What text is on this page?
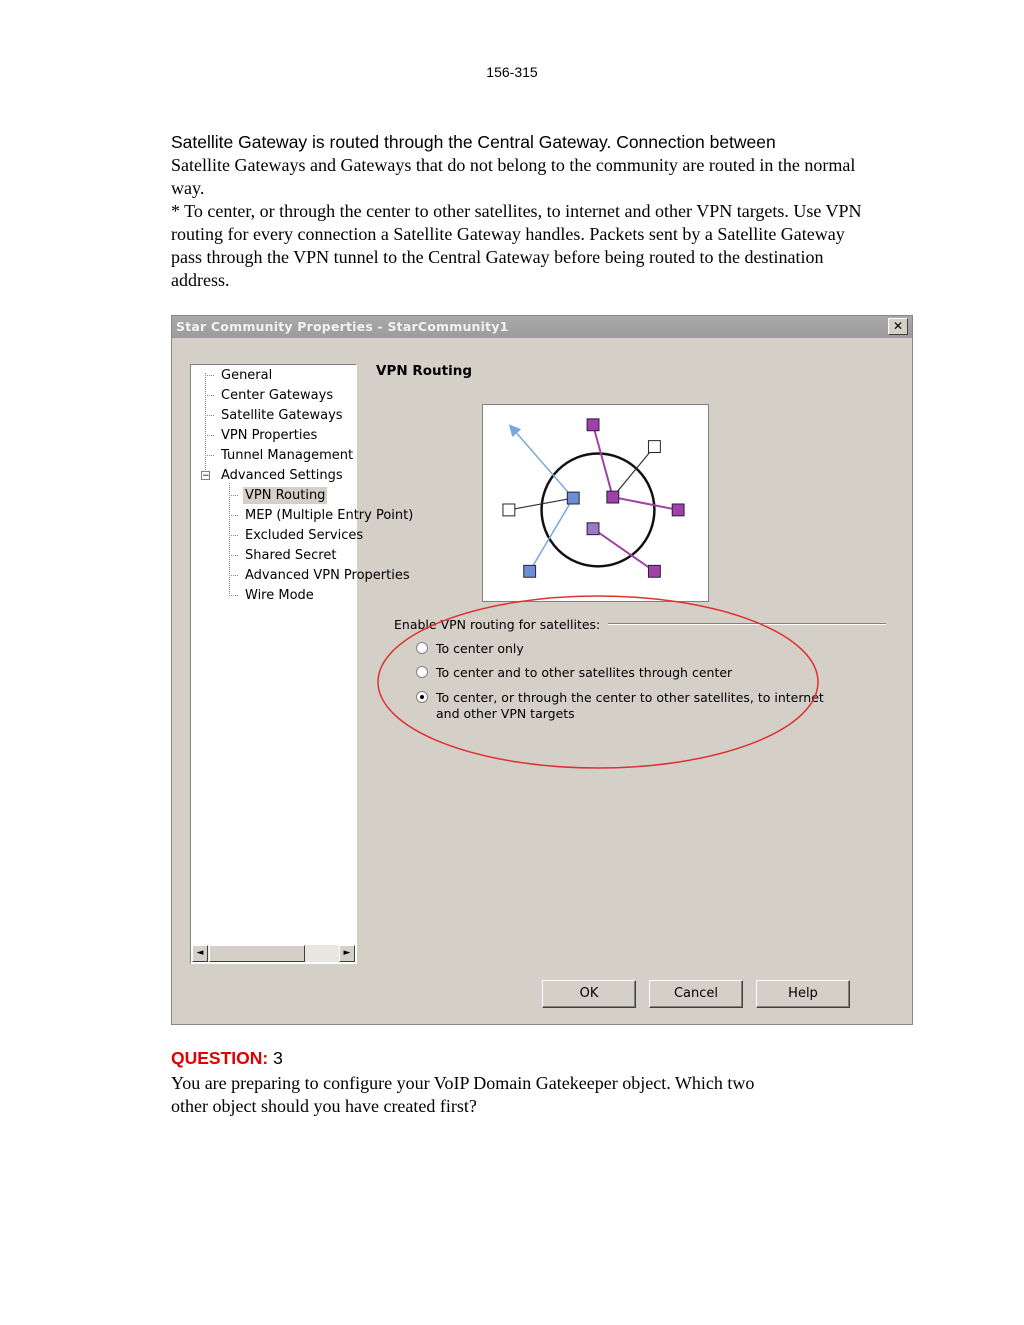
156-315
Satellite Gateway is routed through the Central Gateway. Connection between
Satellite Gateways and Gateways that do not belong to the community are routed in the normal way.
* To center, or through the center to other satellites, to internet and other VPN targets. Use VPN routing for every connection a Satellite Gateway handles. Packets sent by a Satellite Gateway pass through the VPN tunnel to the Central Gateway before being routed to the destination address.
Star Community Properties - StarCommunity1	✕
General
Center Gateways
Satellite Gateways
VPN Properties
Tunnel Management
− Advanced Settings
VPN Routing
MEP (Multiple Entry Point)
Excluded Services
Shared Secret
Advanced VPN Properties
Wire Mode
◄	►
VPN Routing
Enable VPN routing for satellites:
To center only
To center and to other satellites through center
To center, or through the center to other satellites, to internet
and other VPN targets
OK	Cancel	Help
QUESTION: 3
You are preparing to configure your VoIP Domain Gatekeeper object. Which two
other object should you have created first?
